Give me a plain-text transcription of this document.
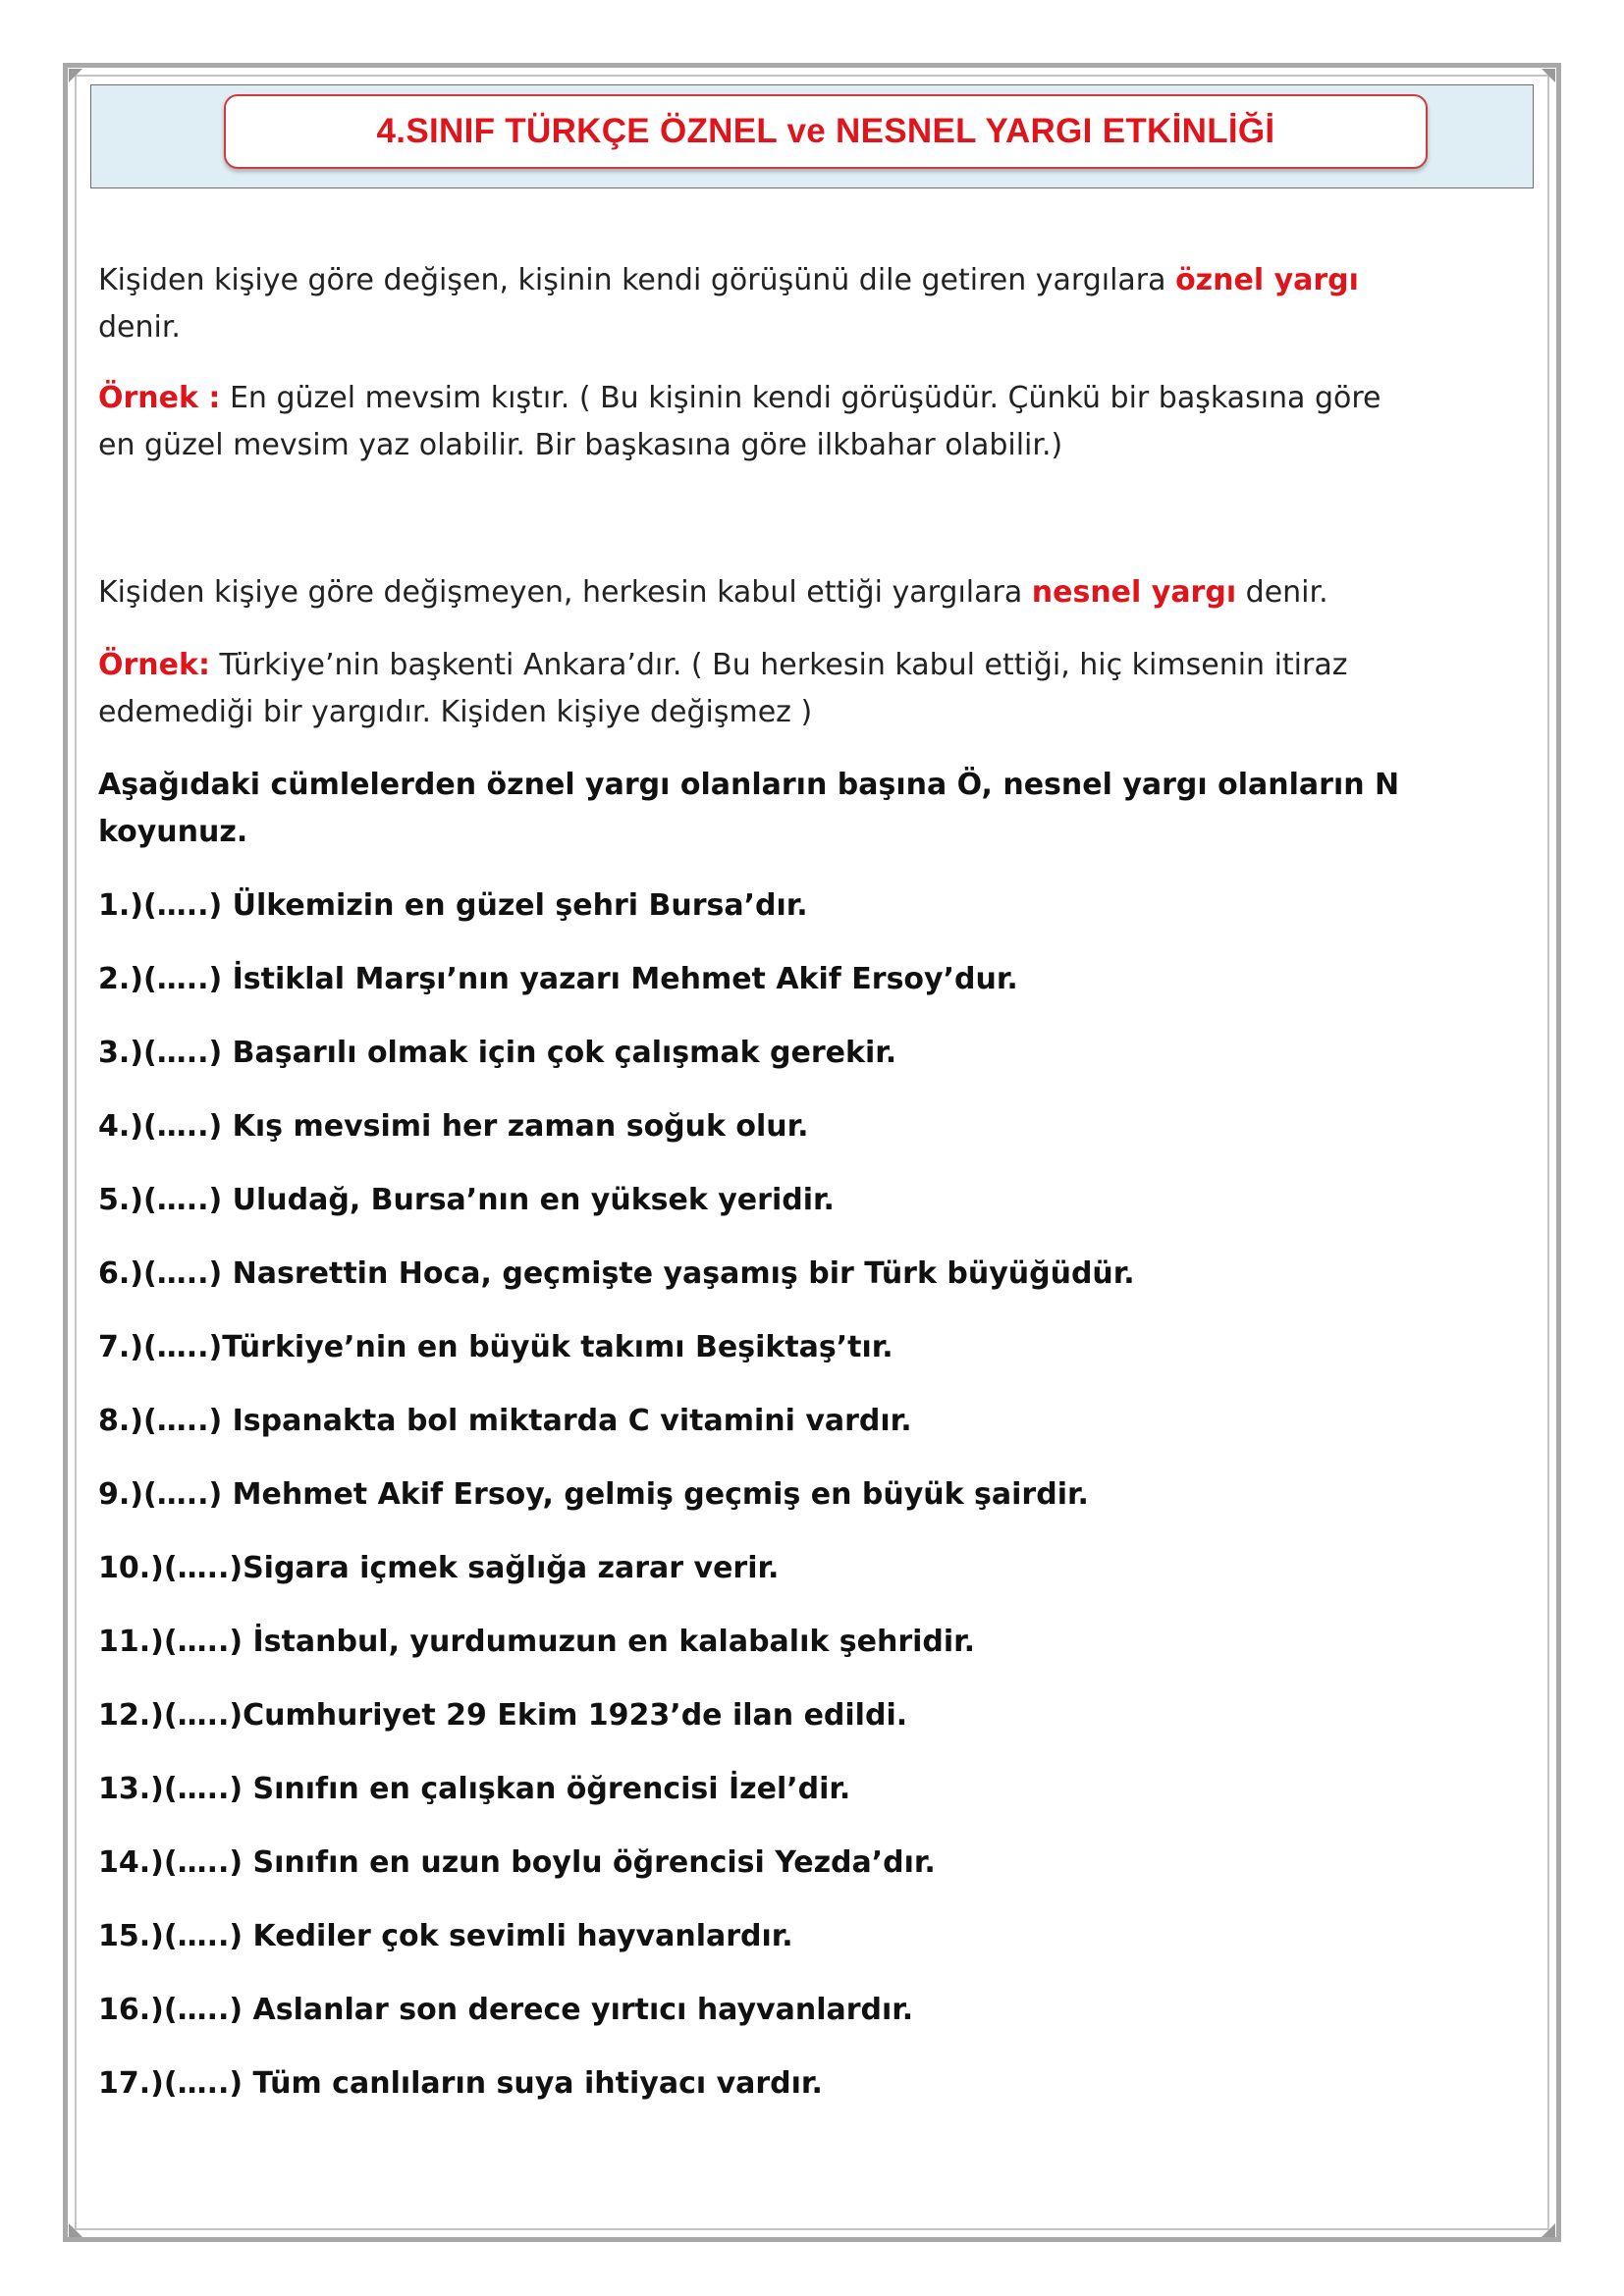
4.SINIF TÜRKÇE ÖZNEL ve NESNEL YARGI ETKİNLİĞİ

Kişiden kişiye göre değişen, kişinin kendi görüşünü dile getiren yargılara öznel yargı
denir.

Örnek : En güzel mevsim kıştır. ( Bu kişinin kendi görüşüdür. Çünkü bir başkasına göre
en güzel mevsim yaz olabilir. Bir başkasına göre ilkbahar olabilir.)

Kişiden kişiye göre değişmeyen, herkesin kabul ettiği yargılara nesnel yargı denir.

Örnek: Türkiye’nin başkenti Ankara’dır. ( Bu herkesin kabul ettiği, hiç kimsenin itiraz
edemediği bir yargıdır. Kişiden kişiye değişmez )

Aşağıdaki cümlelerden öznel yargı olanların başına Ö, nesnel yargı olanların N koyunuz.

1.)(…..) Ülkemizin en güzel şehri Bursa’dır.

2.)(…..) İstiklal Marşı’nın yazarı Mehmet Akif Ersoy’dur.

3.)(…..) Başarılı olmak için çok çalışmak gerekir.

4.)(…..) Kış mevsimi her zaman soğuk olur.

5.)(…..) Uludağ, Bursa’nın en yüksek yeridir.

6.)(…..) Nasrettin Hoca, geçmişte yaşamış bir Türk büyüğüdür.

7.)(…..)Türkiye’nin en büyük takımı Beşiktaş’tır.

8.)(…..) Ispanakta bol miktarda C vitamini vardır.

9.)(…..) Mehmet Akif Ersoy, gelmiş geçmiş en büyük şairdir.

10.)(…..)Sigara içmek sağlığa zarar verir.

11.)(…..) İstanbul, yurdumuzun en kalabalık şehridir.

12.)(…..)Cumhuriyet 29 Ekim 1923’de ilan edildi.

13.)(…..) Sınıfın en çalışkan öğrencisi İzel’dir.

14.)(…..) Sınıfın en uzun boylu öğrencisi Yezda’dır.

15.)(…..) Kediler çok sevimli hayvanlardır.

16.)(…..) Aslanlar son derece yırtıcı hayvanlardır.

17.)(…..) Tüm canlıların suya ihtiyacı vardır.
